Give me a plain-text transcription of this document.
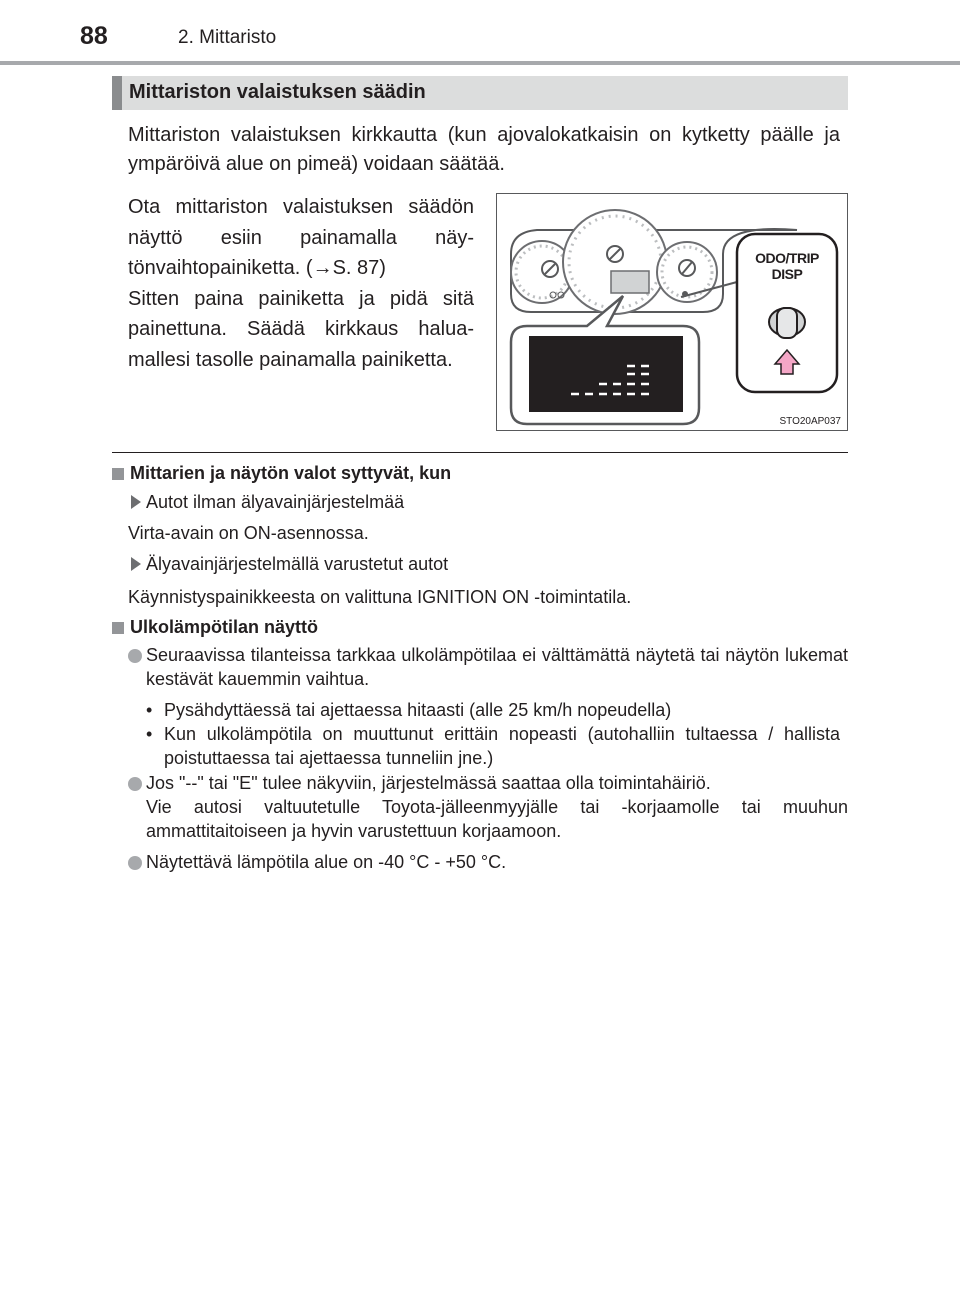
88	2. Mittaristo
Mittariston valaistuksen säädin
Mittariston valaistuksen kirkkautta (kun ajovalokatkaisin on kytketty päälle ja ympäröivä alue on pimeä) voidaan säätää.
Ota mittariston valaistuksen säädön näyttö esiin painamalla näytönvaihtopainiketta. (→S. 87)
Sitten paina painiketta ja pidä sitä painettuna. Säädä kirkkaus haluamallesi tasolle painamalla painiketta.
ODO/TRIP
DISP
STO20AP037
Mittarien ja näytön valot syttyvät, kun
Autot ilman älyavainjärjestelmää
Virta-avain on ON-asennossa.
Älyavainjärjestelmällä varustetut autot
Käynnistyspainikkeesta on valittuna IGNITION ON -toimintatila.
Ulkolämpötilan näyttö
Seuraavissa tilanteissa tarkkaa ulkolämpötilaa ei välttämättä näytetä tai näytön lukemat kestävät kauemmin vaihtua.
• Pysähdyttäessä tai ajettaessa hitaasti (alle 25 km/h nopeudella)
• Kun ulkolämpötila on muuttunut erittäin nopeasti (autohalliin tultaessa / hallista poistuttaessa tai ajettaessa tunneliin jne.)
Jos "--" tai "E" tulee näkyviin, järjestelmässä saattaa olla toimintahäiriö.
Vie autosi valtuutetulle Toyota-jälleenmyyjälle tai -korjaamolle tai muuhun ammattitaitoiseen ja hyvin varustettuun korjaamoon.
Näytettävä lämpötila alue on -40 °C - +50 °C.
